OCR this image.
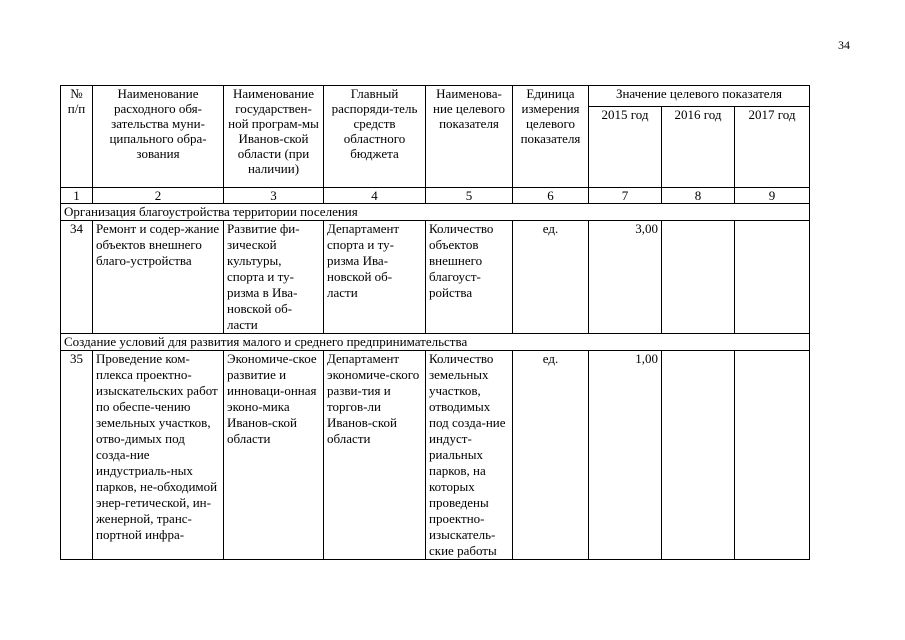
34
№ п/п	Наименование расходного обя-зательства муни-ципального обра-зования	Наименование государствен-ной програм-мы Иванов-ской области (при наличии)	Главный распоряди-тель средств областного бюджета	Наименова-ние целевого показателя	Единица измерения целевого показателя	Значение целевого показателя		
						2015 год	2016 год	2017 год
1	2	3	4	5	6	7	8	9
Организация благоустройства территории поселения								
34	Ремонт и содер-жание объектов внешнего благо-устройства	Развитие фи-зической культуры, спорта и ту-ризма в Ива-новской об-ласти	Департамент спорта и ту-ризма Ива-новской об-ласти	Количество объектов внешнего благоуст-ройства	ед.	3,00		
Создание условий для развития малого и среднего предпринимательства								
35	Проведение ком-плекса проектно-изыскательских работ по обеспе-чению земельных участков, отво-димых под созда-ние индустриаль-ных парков, не-обходимой энер-гетической, ин-женерной, транс-портной инфра-	Экономиче-ское развитие и инноваци-онная эконо-мика Иванов-ской области	Департамент экономиче-ского разви-тия и торгов-ли Иванов-ской области	Количество земельных участков, отводимых под созда-ние индуст-риальных парков, на которых проведены проектно-изыскатель-ские работы	ед.	1,00		
